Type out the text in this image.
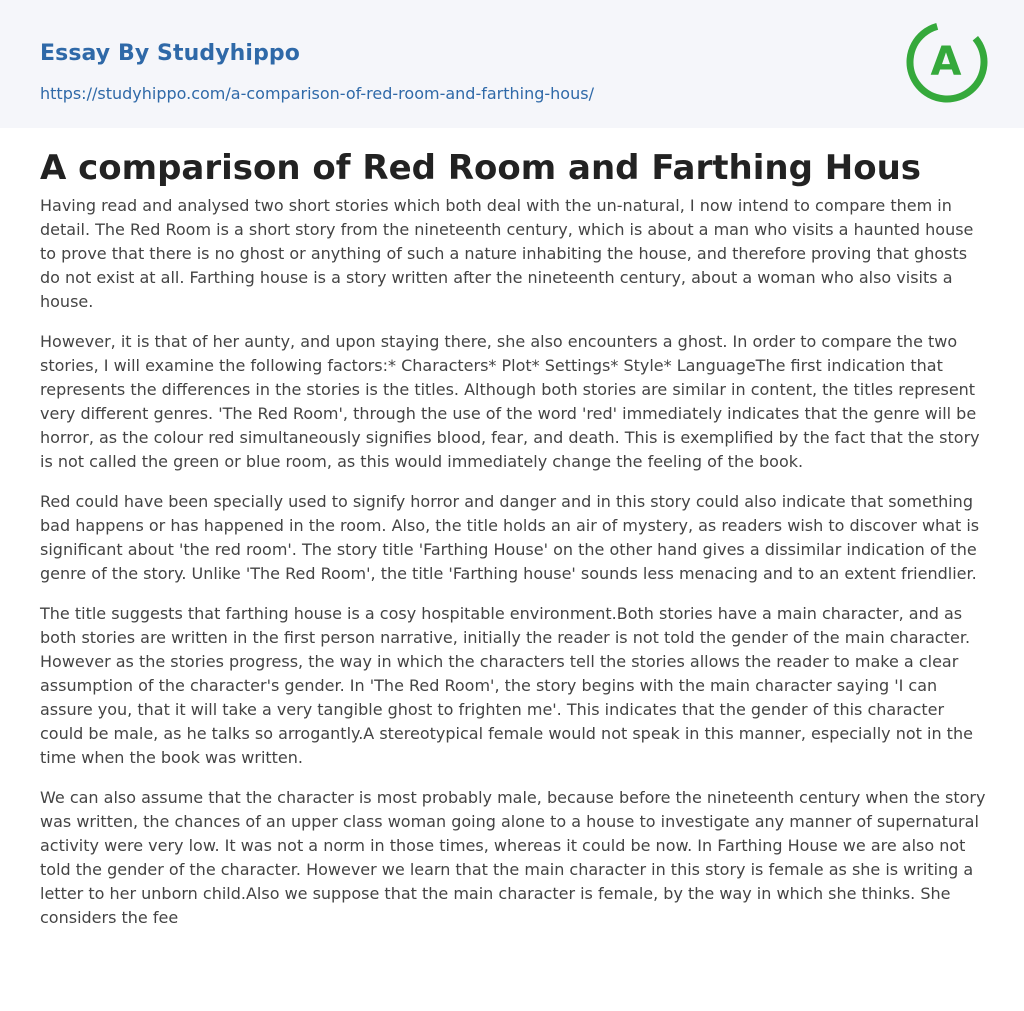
Essay By Studyhippo
https://studyhippo.com/a-comparison-of-red-room-and-farthing-hous/
A
A comparison of Red Room and Farthing Hous

Having read and analysed two short stories which both deal with the un-natural, I now intend to compare them in detail. The Red Room is a short story from the nineteenth century, which is about a man who visits a haunted house to prove that there is no ghost or anything of such a nature inhabiting the house, and therefore proving that ghosts do not exist at all. Farthing house is a story written after the nineteenth century, about a woman who also visits a house.

However, it is that of her aunty, and upon staying there, she also encounters a ghost. In order to compare the two stories, I will examine the following factors:* Characters* Plot* Settings* Style* LanguageThe first indication that represents the differences in the stories is the titles. Although both stories are similar in content, the titles represent very different genres. 'The Red Room', through the use of the word 'red' immediately indicates that the genre will be horror, as the colour red simultaneously signifies blood, fear, and death. This is exemplified by the fact that the story is not called the green or blue room, as this would immediately change the feeling of the book.

Red could have been specially used to signify horror and danger and in this story could also indicate that something bad happens or has happened in the room. Also, the title holds an air of mystery, as readers wish to discover what is significant about 'the red room'. The story title 'Farthing House' on the other hand gives a dissimilar indication of the genre of the story. Unlike 'The Red Room', the title 'Farthing house' sounds less menacing and to an extent friendlier.

The title suggests that farthing house is a cosy hospitable environment.Both stories have a main character, and as both stories are written in the first person narrative, initially the reader is not told the gender of the main character. However as the stories progress, the way in which the characters tell the stories allows the reader to make a clear assumption of the character's gender. In 'The Red Room', the story begins with the main character saying 'I can assure you, that it will take a very tangible ghost to frighten me'. This indicates that the gender of this character could be male, as he talks so arrogantly.A stereotypical female would not speak in this manner, especially not in the time when the book was written.

We can also assume that the character is most probably male, because before the nineteenth century when the story was written, the chances of an upper class woman going alone to a house to investigate any manner of supernatural activity were very low. It was not a norm in those times, whereas it could be now. In Farthing House we are also not told the gender of the character. However we learn that the main character in this story is female as she is writing a letter to her unborn child.Also we suppose that the main character is female, by the way in which she thinks. She considers the fee
